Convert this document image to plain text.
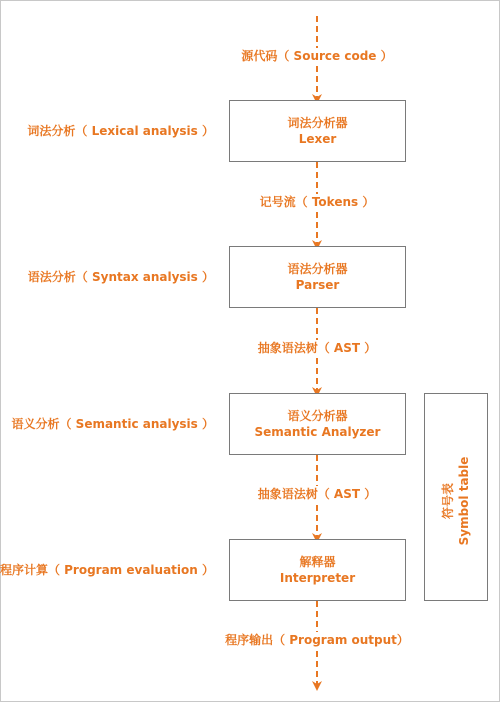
源代码（ Source code ）
词法分析（ Lexical analysis ）
词法分析器
Lexer
记号流（ Tokens ）
语法分析（ Syntax analysis ）
语法分析器
Parser
抽象语法树（ AST ）
语义分析（ Semantic analysis ）
语义分析器
Semantic Analyzer
抽象语法树（ AST ）
程序计算（ Program evaluation ）
解释器
Interpreter
程序输出（ Program output）
符号表 Symbol table
